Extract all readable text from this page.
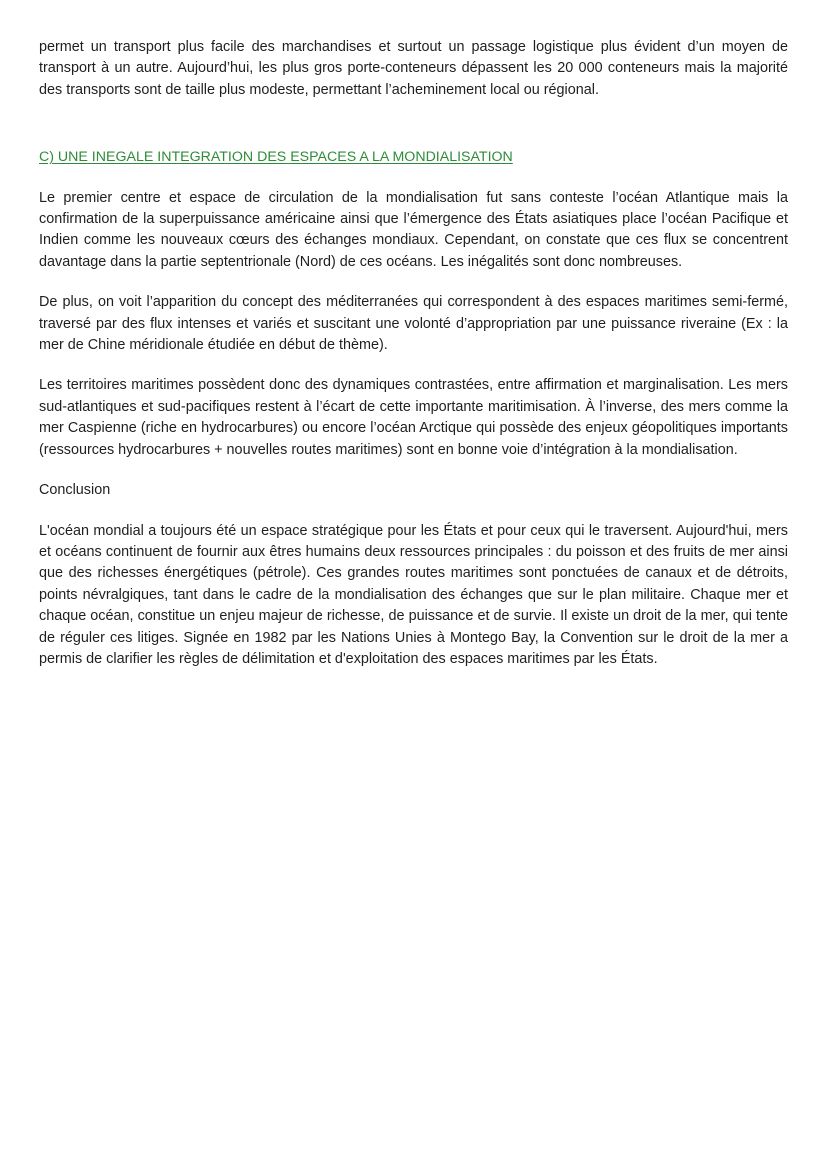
permet un transport plus facile des marchandises et surtout un passage logistique plus évident d’un moyen de transport à un autre. Aujourd’hui, les plus gros porte-conteneurs dépassent les 20 000 conteneurs mais la majorité des transports sont de taille plus modeste, permettant l’acheminement local ou régional.

C) UNE INEGALE INTEGRATION DES ESPACES A LA MONDIALISATION

Le premier centre et espace de circulation de la mondialisation fut sans conteste l’océan Atlantique mais la confirmation de la superpuissance américaine ainsi que l’émergence des États asiatiques place l’océan Pacifique et Indien comme les nouveaux cœurs des échanges mondiaux. Cependant, on constate que ces flux se concentrent davantage dans la partie septentrionale (Nord) de ces océans. Les inégalités sont donc nombreuses.

De plus, on voit l’apparition du concept des méditerranées qui correspondent à des espaces maritimes semi-fermé, traversé par des flux intenses et variés et suscitant une volonté d’appropriation par une puissance riveraine (Ex : la mer de Chine méridionale étudiée en début de thème).

Les territoires maritimes possèdent donc des dynamiques contrastées, entre affirmation et marginalisation. Les mers sud-atlantiques et sud-pacifiques restent à l’écart de cette importante maritimisation. À l’inverse, des mers comme la mer Caspienne (riche en hydrocarbures) ou encore l’océan Arctique qui possède des enjeux géopolitiques importants (ressources hydrocarbures + nouvelles routes maritimes) sont en bonne voie d’intégration à la mondialisation.

Conclusion

L'océan mondial a toujours été un espace stratégique pour les États et pour ceux qui le traversent. Aujourd'hui, mers et océans continuent de fournir aux êtres humains deux ressources principales : du poisson et des fruits de mer ainsi que des richesses énergétiques (pétrole). Ces grandes routes maritimes sont ponctuées de canaux et de détroits, points névralgiques, tant dans le cadre de la mondialisation des échanges que sur le plan militaire. Chaque mer et chaque océan, constitue un enjeu majeur de richesse, de puissance et de survie. Il existe un droit de la mer, qui tente de réguler ces litiges. Signée en 1982 par les Nations Unies à Montego Bay, la Convention sur le droit de la mer a permis de clarifier les règles de délimitation et d'exploitation des espaces maritimes par les États.
